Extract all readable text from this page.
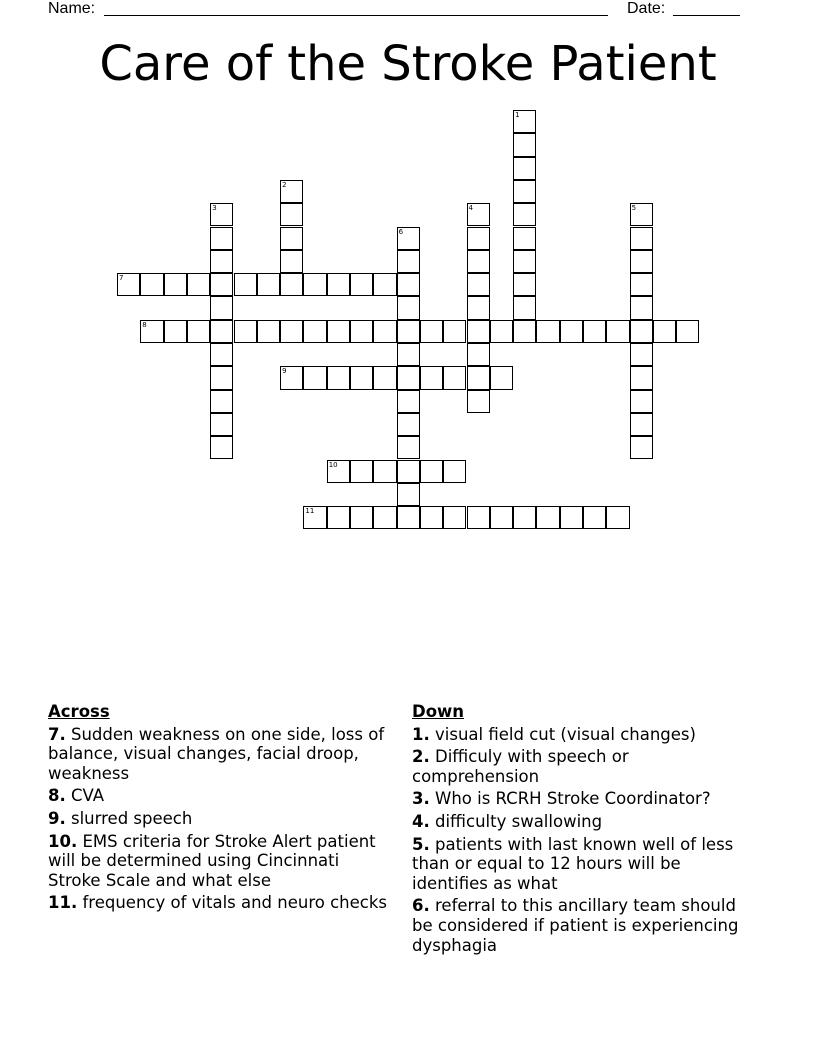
Name:	Date:
Care of the Stroke Patient
1
2
3	4	5
6
7
8
9
10
11
Across
7. Sudden weakness on one side, loss of balance, visual changes, facial droop, weakness
8. CVA
9. slurred speech
10. EMS criteria for Stroke Alert patient will be determined using Cincinnati Stroke Scale and what else
11. frequency of vitals and neuro checks
Down
1. visual field cut (visual changes)
2. Difficuly with speech or comprehension
3. Who is RCRH Stroke Coordinator?
4. difficulty swallowing
5. patients with last known well of less than or equal to 12 hours will be identifies as what
6. referral to this ancillary team should be considered if patient is experiencing dysphagia
